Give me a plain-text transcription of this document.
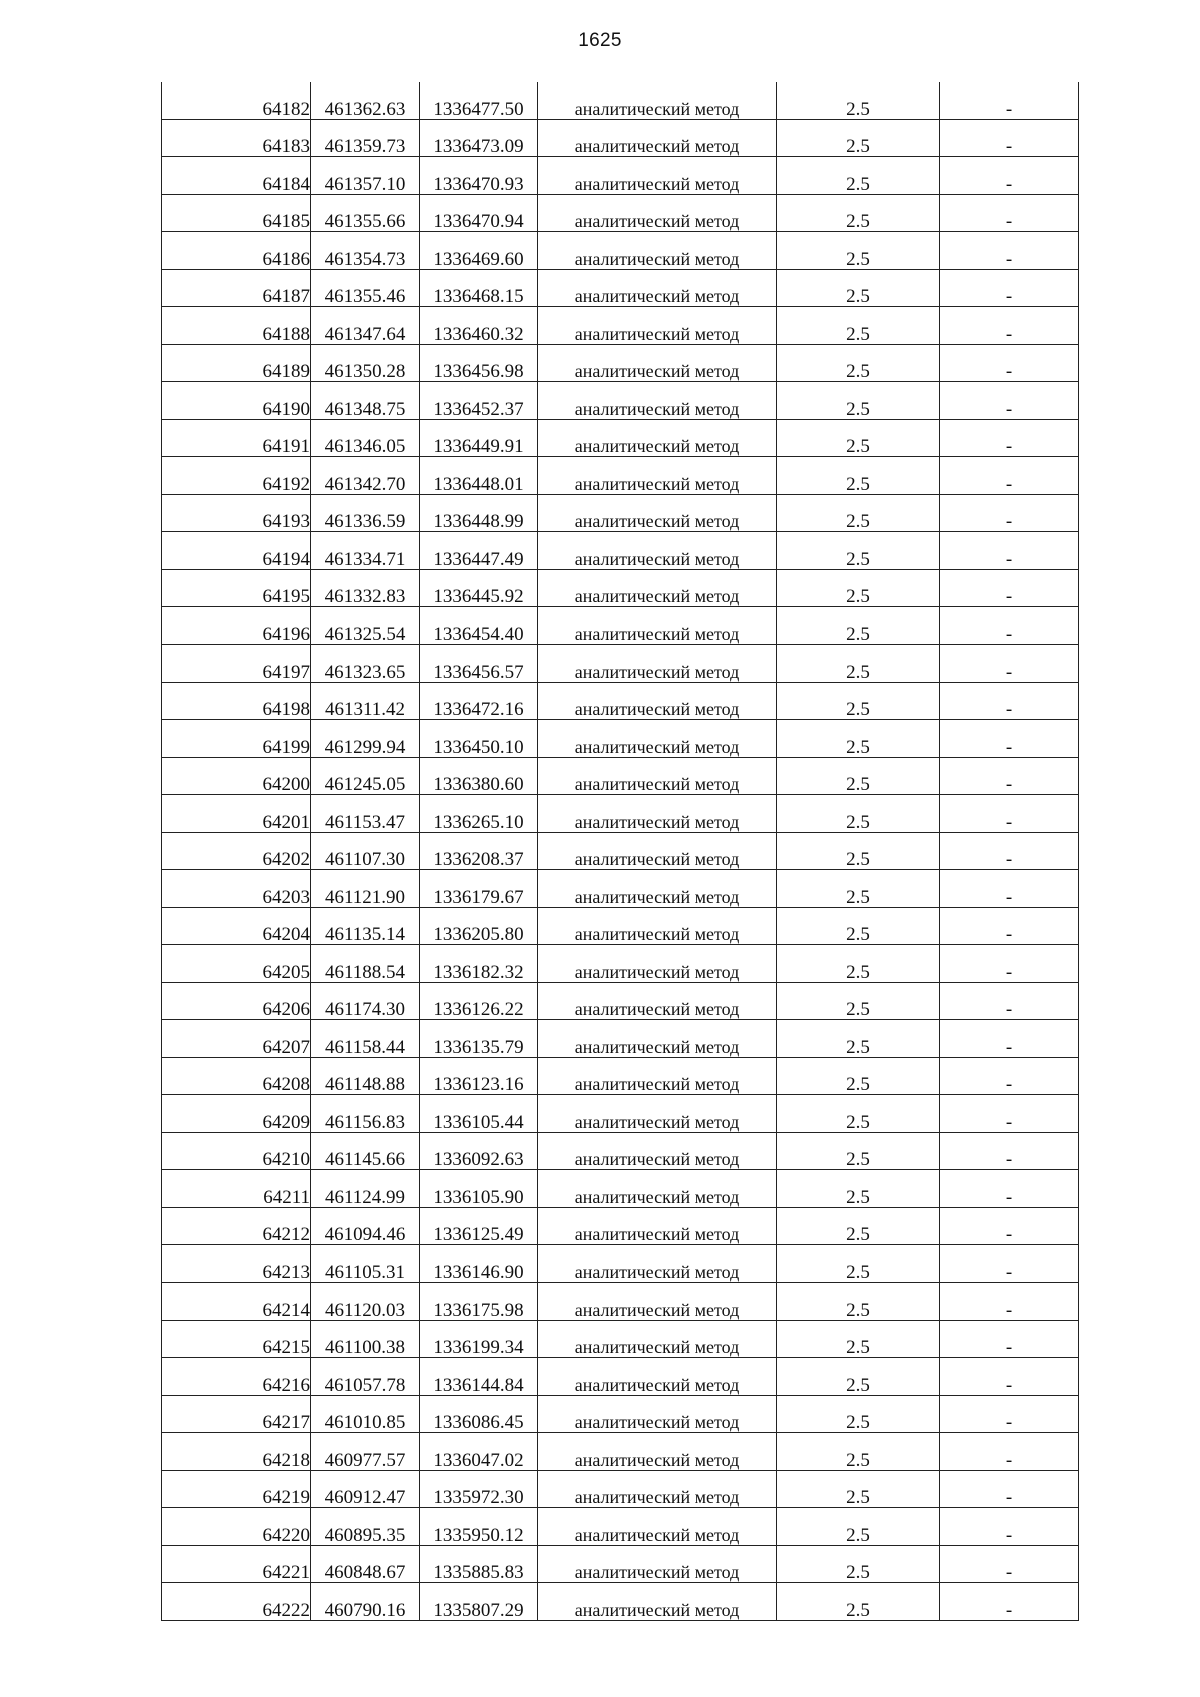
1625
64182	461362.63	1336477.50	аналитический метод	2.5	-
64183	461359.73	1336473.09	аналитический метод	2.5	-
64184	461357.10	1336470.93	аналитический метод	2.5	-
64185	461355.66	1336470.94	аналитический метод	2.5	-
64186	461354.73	1336469.60	аналитический метод	2.5	-
64187	461355.46	1336468.15	аналитический метод	2.5	-
64188	461347.64	1336460.32	аналитический метод	2.5	-
64189	461350.28	1336456.98	аналитический метод	2.5	-
64190	461348.75	1336452.37	аналитический метод	2.5	-
64191	461346.05	1336449.91	аналитический метод	2.5	-
64192	461342.70	1336448.01	аналитический метод	2.5	-
64193	461336.59	1336448.99	аналитический метод	2.5	-
64194	461334.71	1336447.49	аналитический метод	2.5	-
64195	461332.83	1336445.92	аналитический метод	2.5	-
64196	461325.54	1336454.40	аналитический метод	2.5	-
64197	461323.65	1336456.57	аналитический метод	2.5	-
64198	461311.42	1336472.16	аналитический метод	2.5	-
64199	461299.94	1336450.10	аналитический метод	2.5	-
64200	461245.05	1336380.60	аналитический метод	2.5	-
64201	461153.47	1336265.10	аналитический метод	2.5	-
64202	461107.30	1336208.37	аналитический метод	2.5	-
64203	461121.90	1336179.67	аналитический метод	2.5	-
64204	461135.14	1336205.80	аналитический метод	2.5	-
64205	461188.54	1336182.32	аналитический метод	2.5	-
64206	461174.30	1336126.22	аналитический метод	2.5	-
64207	461158.44	1336135.79	аналитический метод	2.5	-
64208	461148.88	1336123.16	аналитический метод	2.5	-
64209	461156.83	1336105.44	аналитический метод	2.5	-
64210	461145.66	1336092.63	аналитический метод	2.5	-
64211	461124.99	1336105.90	аналитический метод	2.5	-
64212	461094.46	1336125.49	аналитический метод	2.5	-
64213	461105.31	1336146.90	аналитический метод	2.5	-
64214	461120.03	1336175.98	аналитический метод	2.5	-
64215	461100.38	1336199.34	аналитический метод	2.5	-
64216	461057.78	1336144.84	аналитический метод	2.5	-
64217	461010.85	1336086.45	аналитический метод	2.5	-
64218	460977.57	1336047.02	аналитический метод	2.5	-
64219	460912.47	1335972.30	аналитический метод	2.5	-
64220	460895.35	1335950.12	аналитический метод	2.5	-
64221	460848.67	1335885.83	аналитический метод	2.5	-
64222	460790.16	1335807.29	аналитический метод	2.5	-
